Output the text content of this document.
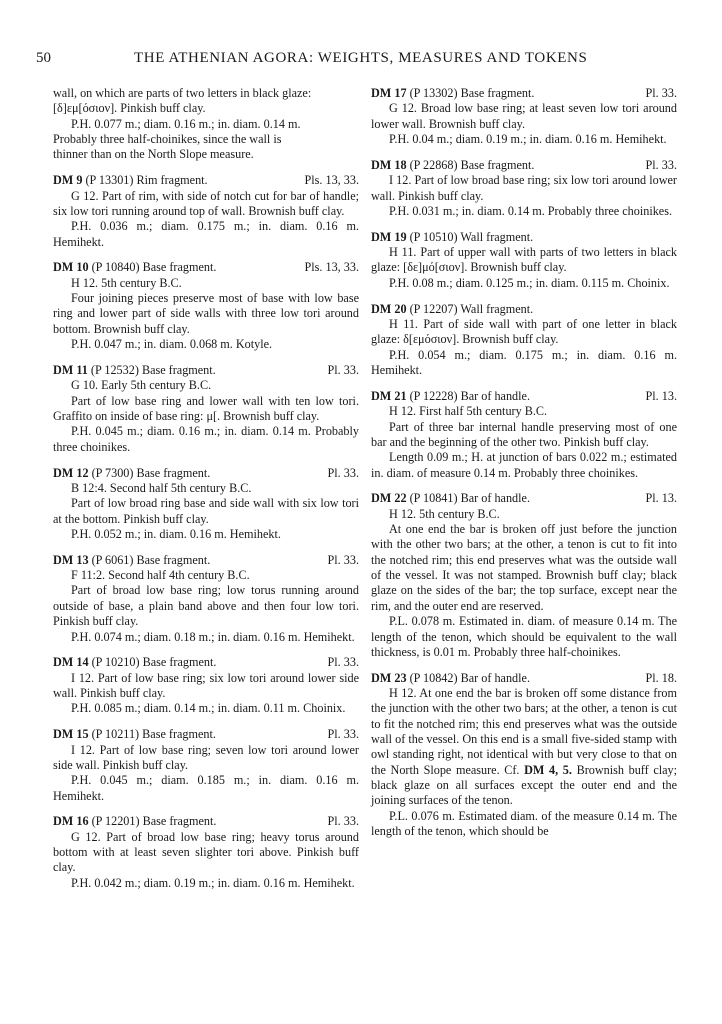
50	THE ATHENIAN AGORA: WEIGHTS, MEASURES AND TOKENS

wall, on which are parts of two letters in black glaze:

[δ]εμ[όσιον]. Pinkish buff clay.

P.H. 0.077 m.; diam. 0.16 m.; in. diam. 0.14 m.

Probably three half-choinikes, since the wall is

thinner than on the North Slope measure.

DM 9 (P 13301) Rim fragment.	Pls. 13, 33.

G 12. Part of rim, with side of notch cut for bar of handle; six low tori running around top of wall. Brownish buff clay.

P.H. 0.036 m.; diam. 0.175 m.; in. diam. 0.16 m. Hemihekt.

DM 10 (P 10840) Base fragment.	Pls. 13, 33.

H 12. 5th century B.C.

Four joining pieces preserve most of base with low base ring and lower part of side walls with three low tori around bottom. Brownish buff clay.

P.H. 0.047 m.; in. diam. 0.068 m. Kotyle.

DM 11 (P 12532) Base fragment.	Pl. 33.

G 10. Early 5th century B.C.

Part of low base ring and lower wall with ten low tori. Graffito on inside of base ring: μ[. Brownish buff clay.

P.H. 0.045 m.; diam. 0.16 m.; in. diam. 0.14 m. Probably three choinikes.

DM 12 (P 7300) Base fragment.	Pl. 33.

B 12:4. Second half 5th century B.C.

Part of low broad ring base and side wall with six low tori at the bottom. Pinkish buff clay.

P.H. 0.052 m.; in. diam. 0.16 m. Hemihekt.

DM 13 (P 6061) Base fragment.	Pl. 33.

F 11:2. Second half 4th century B.C.

Part of broad low base ring; low torus running around outside of base, a plain band above and then four low tori. Pinkish buff clay.

P.H. 0.074 m.; diam. 0.18 m.; in. diam. 0.16 m. Hemihekt.

DM 14 (P 10210) Base fragment.	Pl. 33.

I 12. Part of low base ring; six low tori around lower side wall. Pinkish buff clay.

P.H. 0.085 m.; diam. 0.14 m.; in. diam. 0.11 m. Choinix.

DM 15 (P 10211) Base fragment.	Pl. 33.

I 12. Part of low base ring; seven low tori around lower side wall. Pinkish buff clay.

P.H. 0.045 m.; diam. 0.185 m.; in. diam. 0.16 m. Hemihekt.

DM 16 (P 12201) Base fragment.	Pl. 33.

G 12. Part of broad low base ring; heavy torus around bottom with at least seven slighter tori above. Pinkish buff clay.

P.H. 0.042 m.; diam. 0.19 m.; in. diam. 0.16 m. Hemihekt.

DM 17 (P 13302) Base fragment.	Pl. 33.

G 12. Broad low base ring; at least seven low tori around lower wall. Brownish buff clay.

P.H. 0.04 m.; diam. 0.19 m.; in. diam. 0.16 m. Hemihekt.

DM 18 (P 22868) Base fragment.	Pl. 33.

I 12. Part of low broad base ring; six low tori around lower wall. Pinkish buff clay.

P.H. 0.031 m.; in. diam. 0.14 m. Probably three choinikes.

DM 19 (P 10510) Wall fragment.

H 11. Part of upper wall with parts of two letters in black glaze: [δε]μό[σιον]. Brownish buff clay.

P.H. 0.08 m.; diam. 0.125 m.; in. diam. 0.115 m. Choinix.

DM 20 (P 12207) Wall fragment.

H 11. Part of side wall with part of one letter in black glaze: δ[εμόσιον]. Brownish buff clay.

P.H. 0.054 m.; diam. 0.175 m.; in. diam. 0.16 m. Hemihekt.

DM 21 (P 12228) Bar of handle.	Pl. 13.

H 12. First half 5th century B.C.

Part of three bar internal handle preserving most of one bar and the beginning of the other two. Pinkish buff clay.

Length 0.09 m.; H. at junction of bars 0.022 m.; estimated in. diam. of measure 0.14 m. Probably three choinikes.

DM 22 (P 10841) Bar of handle.	Pl. 13.

H 12. 5th century B.C.

At one end the bar is broken off just before the junction with the other two bars; at the other, a tenon is cut to fit into the notched rim; this end preserves what was the outside wall of the vessel. It was not stamped. Brownish buff clay; black glaze on the sides of the bar; the top surface, except near the rim, and the outer end are reserved.

P.L. 0.078 m. Estimated in. diam. of measure 0.14 m. The length of the tenon, which should be equivalent to the wall thickness, is 0.01 m. Probably three half-choinikes.

DM 23 (P 10842) Bar of handle.	Pl. 18.

H 12. At one end the bar is broken off some distance from the junction with the other two bars; at the other, a tenon is cut to fit the notched rim; this end preserves what was the outside wall of the vessel. On this end is a small five-sided stamp with owl standing right, not identical with but very close to that on the North Slope measure. Cf. DM 4, 5. Brownish buff clay; black glaze on all surfaces except the outer end and the joining surfaces of the tenon.

P.L. 0.076 m. Estimated diam. of the measure 0.14 m. The length of the tenon, which should be
